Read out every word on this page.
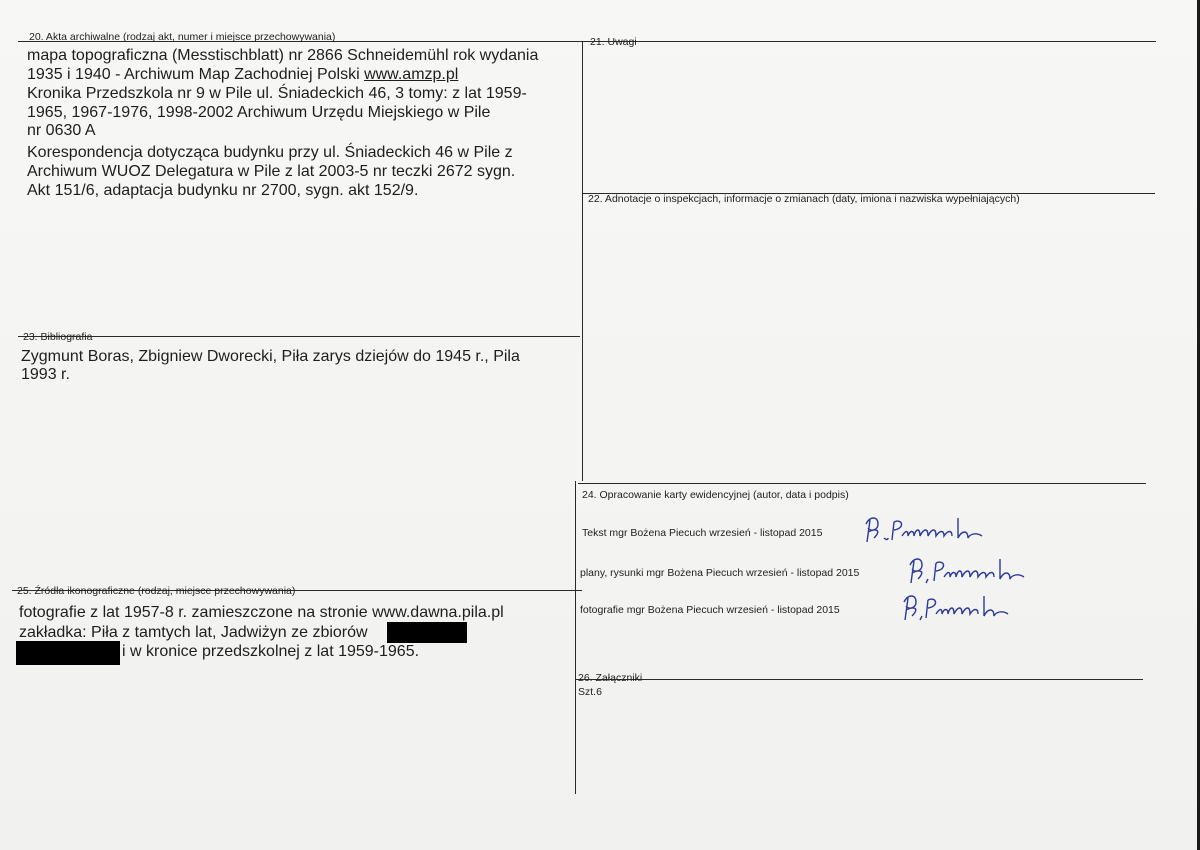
20. Akta archiwalne (rodzaj akt, numer i miejsce przechowywania)
mapa topograficzna (Messtischblatt) nr 2866 Schneidemühl rok wydania
1935 i 1940 - Archiwum Map Zachodniej Polski www.amzp.pl
Kronika Przedszkola nr 9 w Pile ul. Śniadeckich 46, 3 tomy: z lat 1959-
1965, 1967-1976, 1998-2002 Archiwum Urzędu Miejskiego w Pile
nr 0630 A
Korespondencja dotycząca budynku przy ul. Śniadeckich 46 w Pile z
Archiwum WUOZ Delegatura w Pile z lat 2003-5 nr teczki 2672 sygn.
Akt 151/6, adaptacja budynku nr 2700, sygn. akt 152/9.
21. Uwagi
22. Adnotacje o inspekcjach, informacje o zmianach (daty, imiona i nazwiska wypełniających)
23. Bibliografia
Zygmunt Boras, Zbigniew Dworecki, Piła zarys dziejów do 1945 r., Pila
1993 r.
24. Opracowanie karty ewidencyjnej (autor, data i podpis)
Tekst mgr Bożena Piecuch wrzesień - listopad 2015
plany, rysunki mgr Bożena Piecuch wrzesień - listopad 2015
fotografie mgr Bożena Piecuch wrzesień - listopad 2015
25. Źródła ikonograficzne (rodzaj, miejsce przechowywania)
fotografie z lat 1957-8 r. zamieszczone na stronie www.dawna.pila.pl
zakładka: Piła z tamtych lat, Jadwiżyn ze zbiorów
i w kronice przedszkolnej z lat 1959-1965.
26. Załączniki
Szt.6
